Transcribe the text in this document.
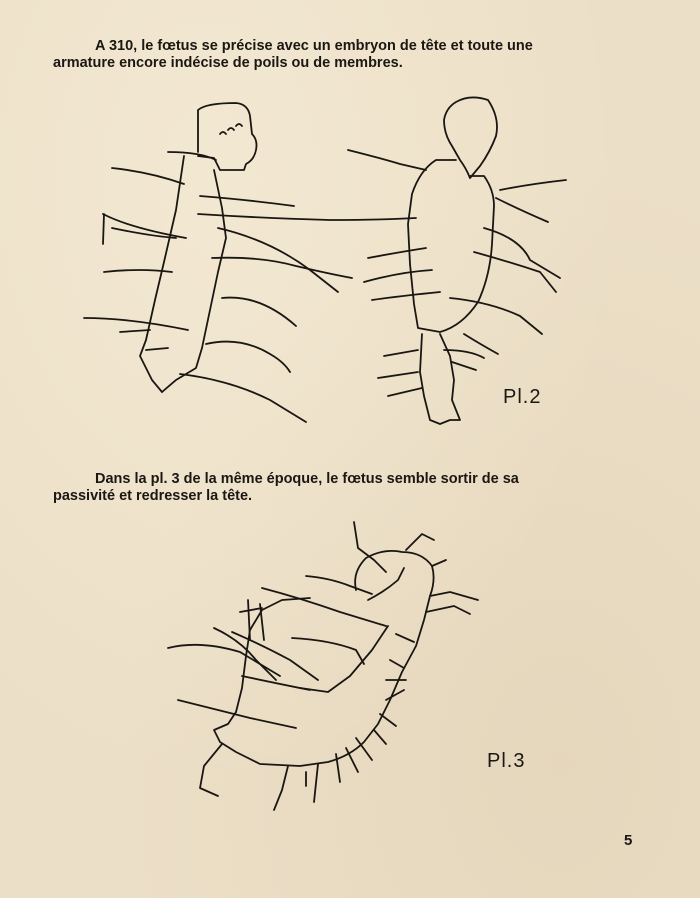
A 310, le fœtus se précise avec un embryon de tête et toute une
armature encore indécise de poils ou de membres.

Pl.2

Dans la pl. 3 de la même époque, le fœtus semble sortir de sa
passivité et redresser la tête.

Pl.3
5
